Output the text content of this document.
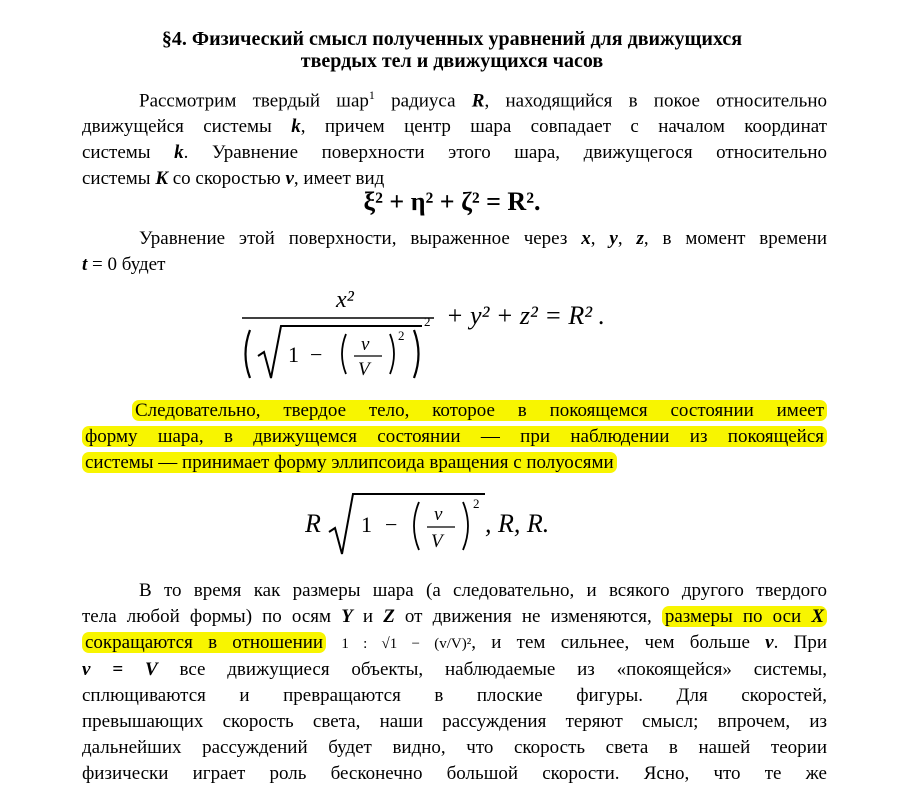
§4. Физический смысл полученных уравнений для движущихся
твердых тел и движущихся часов
Рассмотрим твердый шар$^1$ радиуса R, находящийся в покое относительно
движущейся системы k, причем центр шара совпадает с началом координат
системы k. Уравнение поверхности этого шара, движущегося относительно
системы K со скоростью v, имеет вид
ξ² + η² + ζ² = R².
Уравнение этой поверхности, выраженное через x, y, z, в момент времени
t = 0 будет
x²
1 − v
V
2
2 + y² + z² = R² .
Следовательно, твердое тело, которое в покоящемся состоянии имеет
форму шара, в движущемся состоянии — при наблюдении из покоящейся
системы — принимает форму эллипсоида вращения с полуосями
R 1 − v
V
2
, R, R.
В то время как размеры шара (а следовательно, и всякого другого твердого
тела любой формы) по осям Y и Z от движения не изменяются, размеры по оси X
сокращаются в отношении 1 : √1 − (v/V)², и тем сильнее, чем больше v. При
v = V все движущиеся объекты, наблюдаемые из «покоящейся» системы,
сплющиваются и превращаются в плоские фигуры. Для скоростей,
превышающих скорость света, наши рассуждения теряют смысл; впрочем, из
дальнейших рассуждений будет видно, что скорость света в нашей теории
физически играет роль бесконечно большой скорости. Ясно, что те же
